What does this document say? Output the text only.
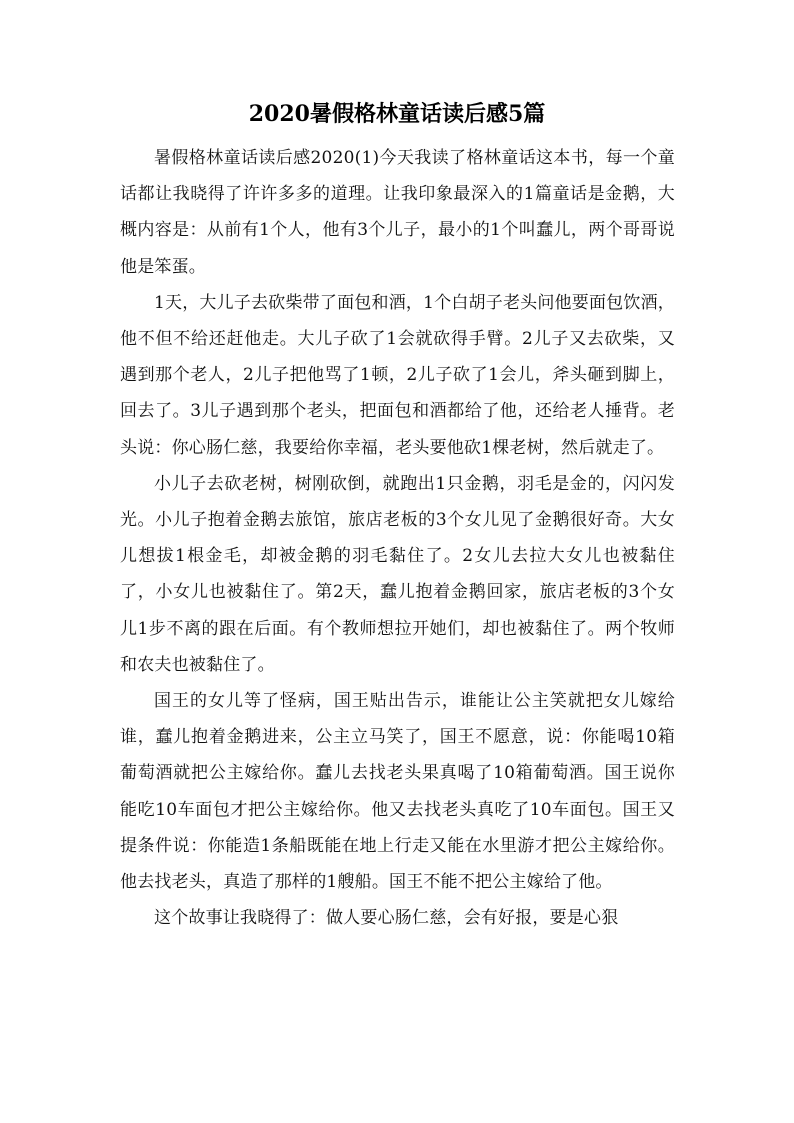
2020暑假格林童话读后感5篇

暑假格林童话读后感2020(1)今天我读了格林童话这本书，每一个童话都让我晓得了许许多多的道理。让我印象最深入的1篇童话是金鹅，大概内容是：从前有1个人，他有3个儿子，最小的1个叫蠢儿，两个哥哥说他是笨蛋。

1天，大儿子去砍柴带了面包和酒，1个白胡子老头问他要面包饮酒，他不但不给还赶他走。大儿子砍了1会就砍得手臂。2儿子又去砍柴，又遇到那个老人，2儿子把他骂了1顿，2儿子砍了1会儿，斧头砸到脚上，回去了。3儿子遇到那个老头，把面包和酒都给了他，还给老人捶背。老头说：你心肠仁慈，我要给你幸福，老头要他砍1棵老树，然后就走了。

小儿子去砍老树，树刚砍倒，就跑出1只金鹅，羽毛是金的，闪闪发光。小儿子抱着金鹅去旅馆，旅店老板的3个女儿见了金鹅很好奇。大女儿想拔1根金毛，却被金鹅的羽毛黏住了。2女儿去拉大女儿也被黏住了，小女儿也被黏住了。第2天，蠢儿抱着金鹅回家，旅店老板的3个女儿1步不离的跟在后面。有个教师想拉开她们，却也被黏住了。两个牧师和农夫也被黏住了。

国王的女儿等了怪病，国王贴出告示，谁能让公主笑就把女儿嫁给谁，蠢儿抱着金鹅进来，公主立马笑了，国王不愿意，说：你能喝10箱葡萄酒就把公主嫁给你。蠢儿去找老头果真喝了10箱葡萄酒。国王说你能吃10车面包才把公主嫁给你。他又去找老头真吃了10车面包。国王又提条件说：你能造1条船既能在地上行走又能在水里游才把公主嫁给你。他去找老头，真造了那样的1艘船。国王不能不把公主嫁给了他。

这个故事让我晓得了：做人要心肠仁慈，会有好报，要是心狠
